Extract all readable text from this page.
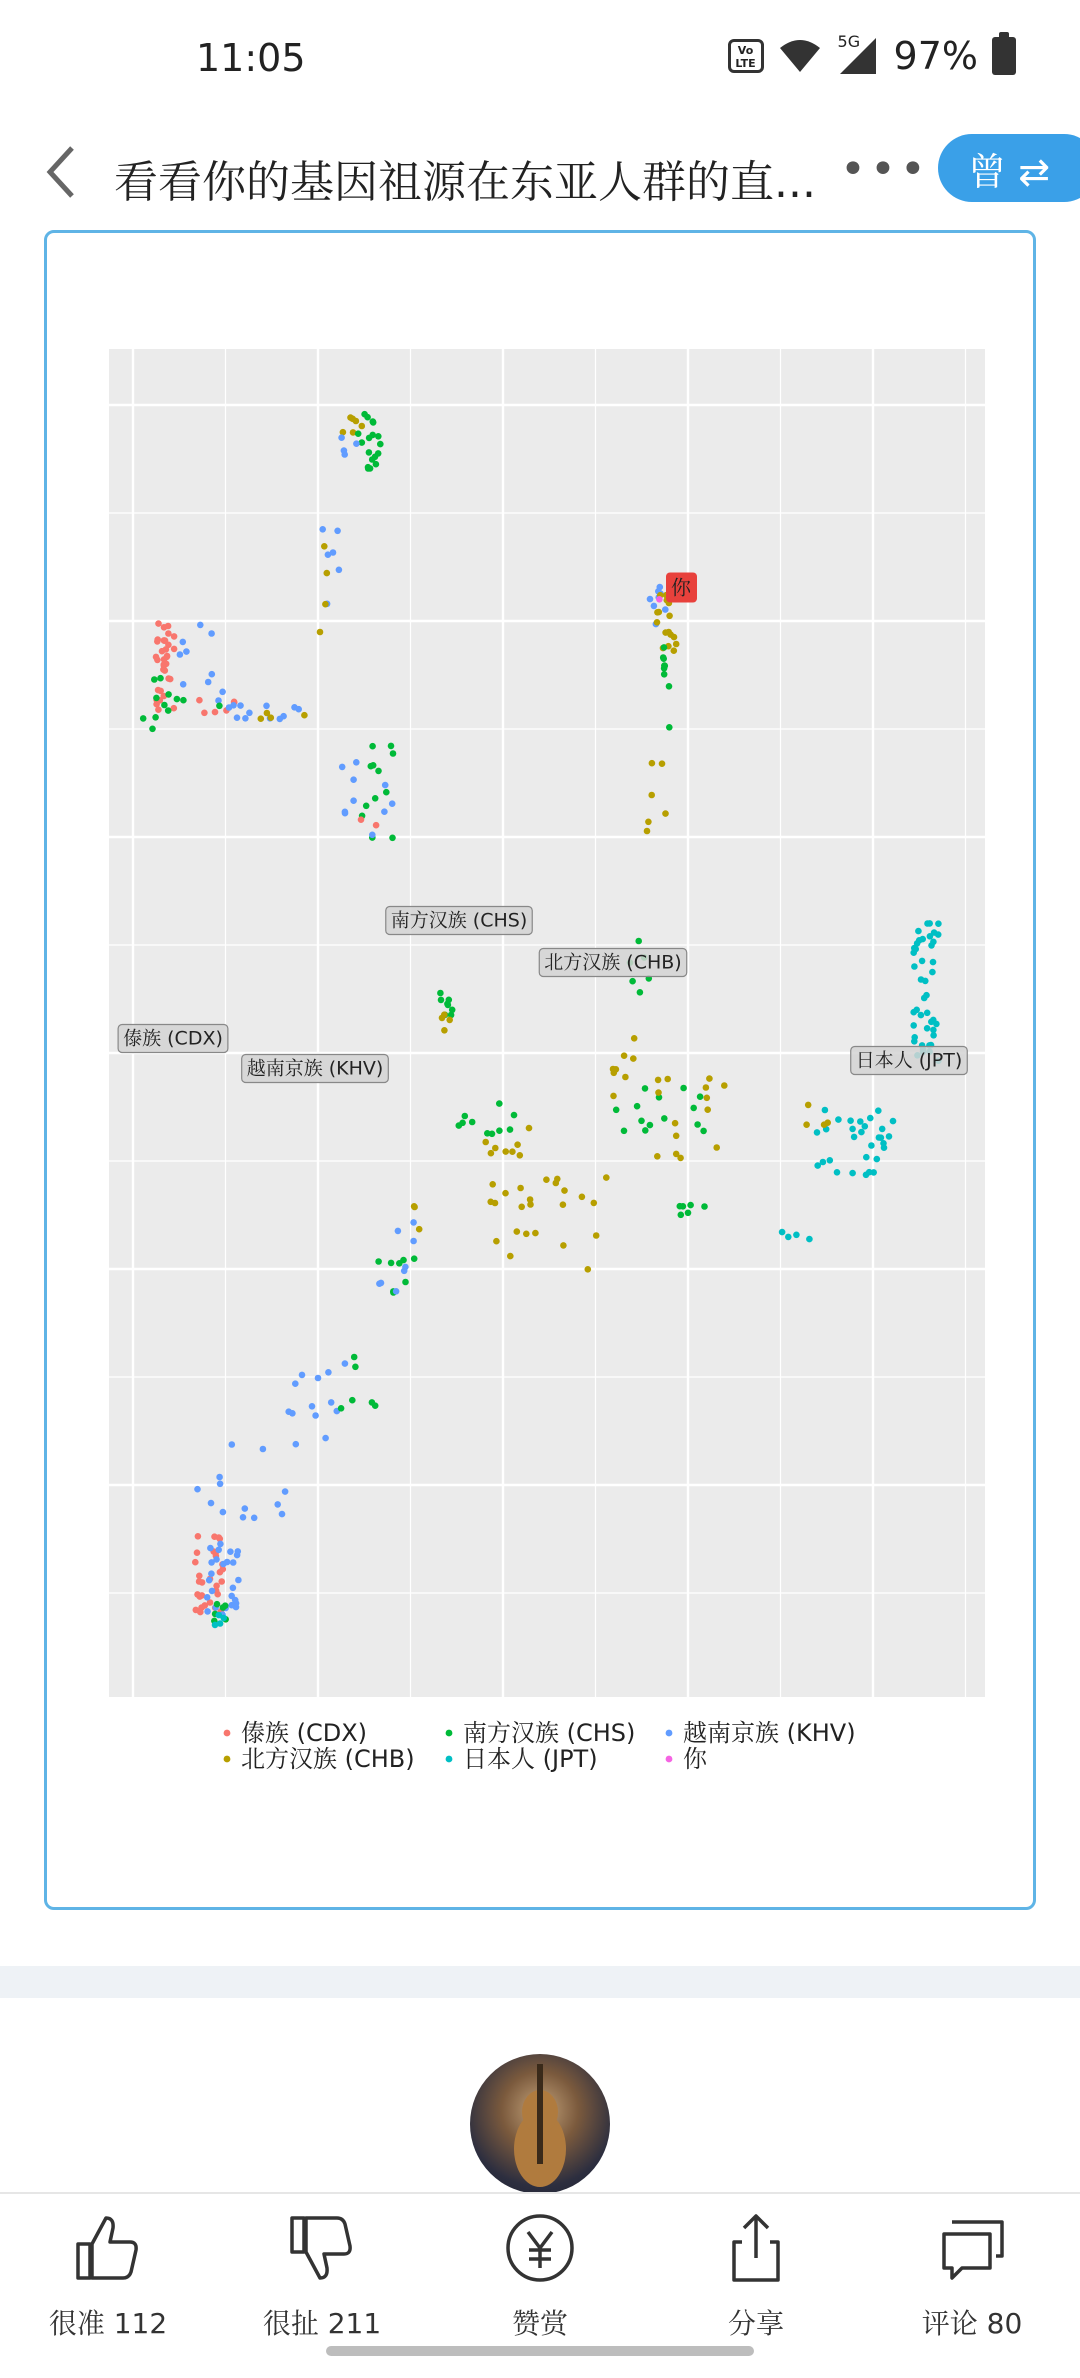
11:05	Vo LTE
5G 97%
看看你的基因祖源在东亚人群的直... •••	曾 ⇄
傣族 (CDX)
南方汉族 (CHS)
越南京族 (KHV)
北方汉族 (CHB)
日本人 (JPT)
你
傣族 (CDX)	南方汉族 (CHS) 越南京族 (KHV)
北方汉族 (CHB) 日本人 (JPT)	你
很准 112	很扯 211	赞赏	分享	评论 80
